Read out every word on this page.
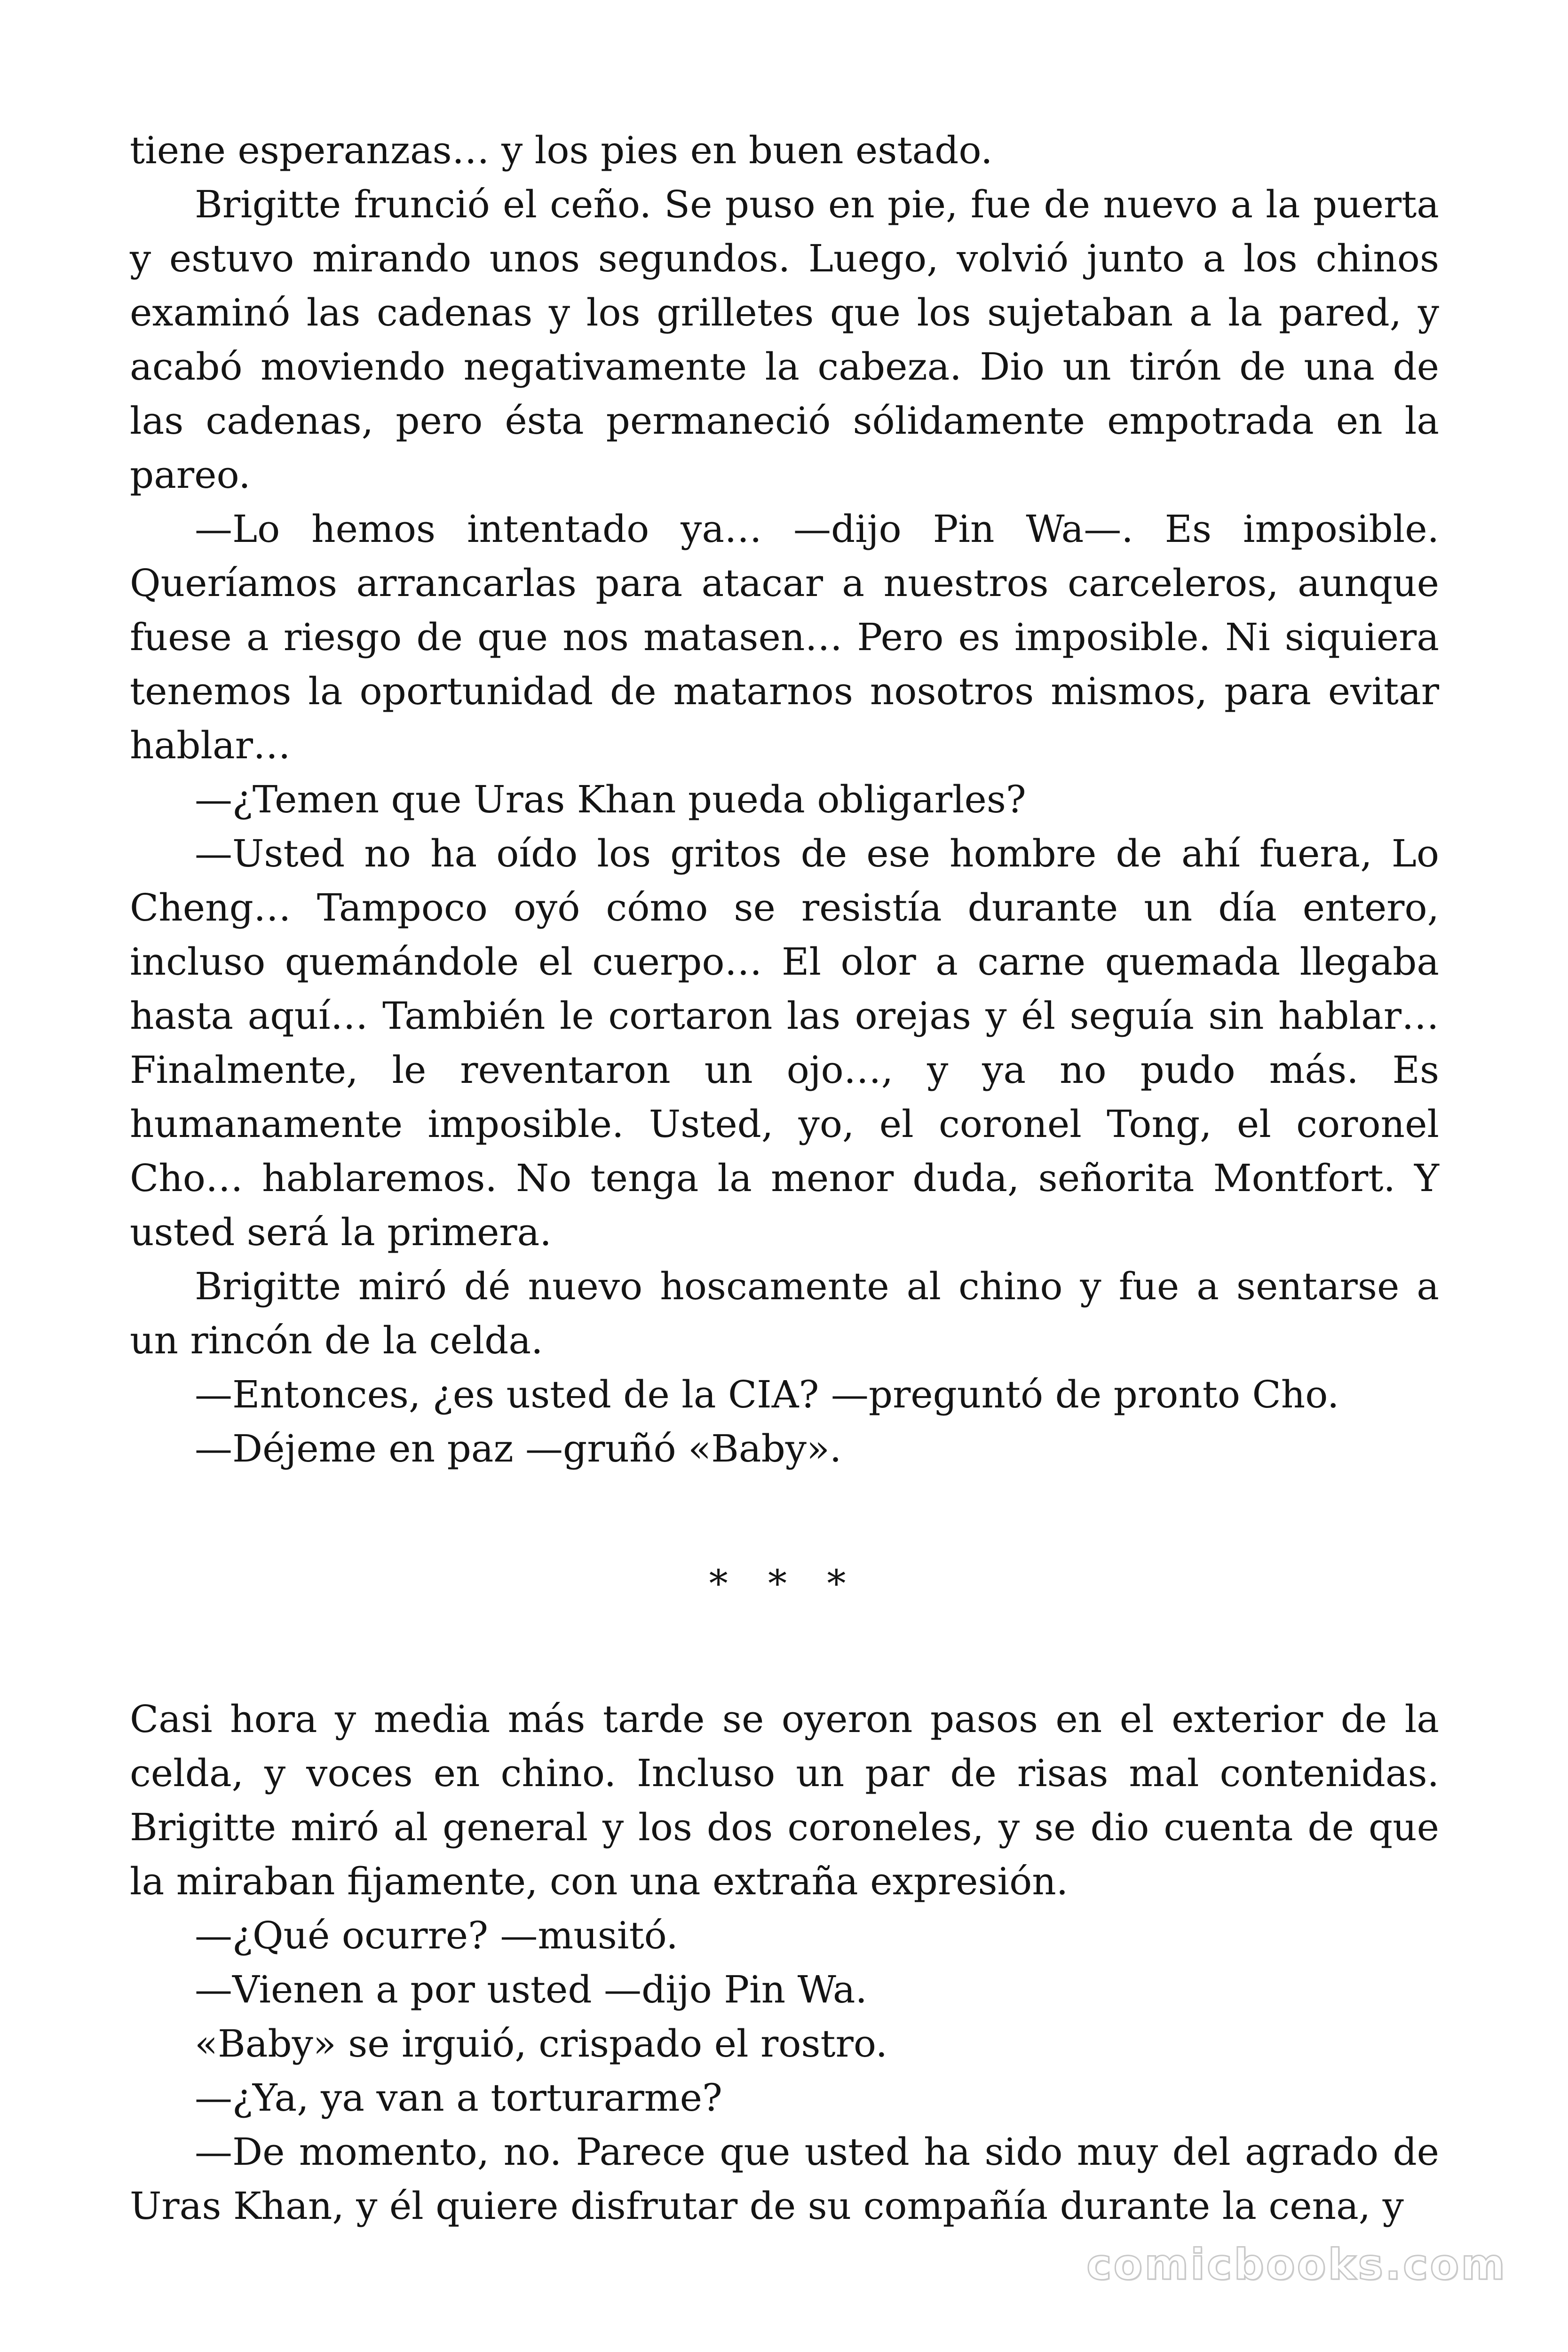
tiene esperanzas… y los pies en buen estado.

Brigitte frunció el ceño. Se puso en pie, fue de nuevo a la puerta y estuvo mirando unos segundos. Luego, volvió junto a los chinos examinó las cadenas y los grilletes que los sujetaban a la pared, y acabó moviendo negativamente la cabeza. Dio un tirón de una de las cadenas, pero ésta permaneció sólidamente empotrada en la pareo.

—Lo hemos intentado ya… —dijo Pin Wa—. Es imposible. Queríamos arrancarlas para atacar a nuestros carceleros, aunque fuese a riesgo de que nos matasen… Pero es imposible. Ni siquiera tenemos la oportunidad de matarnos nosotros mismos, para evitar hablar…

—¿Temen que Uras Khan pueda obligarles?

—Usted no ha oído los gritos de ese hombre de ahí fuera, Lo Cheng… Tampoco oyó cómo se resistía durante un día entero, incluso quemándole el cuerpo… El olor a carne quemada llegaba hasta aquí… También le cortaron las orejas y él seguía sin hablar… Finalmente, le reventaron un ojo…, y ya no pudo más. Es humanamente imposible. Usted, yo, el coronel Tong, el coronel Cho… hablaremos. No tenga la menor duda, señorita Montfort. Y usted será la primera.

Brigitte miró dé nuevo hoscamente al chino y fue a sentarse a un rincón de la celda.

—Entonces, ¿es usted de la CIA? —preguntó de pronto Cho.

—Déjeme en paz —gruñó «Baby».

* * *

Casi hora y media más tarde se oyeron pasos en el exterior de la celda, y voces en chino. Incluso un par de risas mal contenidas. Brigitte miró al general y los dos coroneles, y se dio cuenta de que la miraban fijamente, con una extraña expresión.

—¿Qué ocurre? —musitó.

—Vienen a por usted —dijo Pin Wa.

«Baby» se irguió, crispado el rostro.

—¿Ya, ya van a torturarme?

—De momento, no. Parece que usted ha sido muy del agrado de Uras Khan, y él quiere disfrutar de su compañía durante la cena, y

comicbooks.com
